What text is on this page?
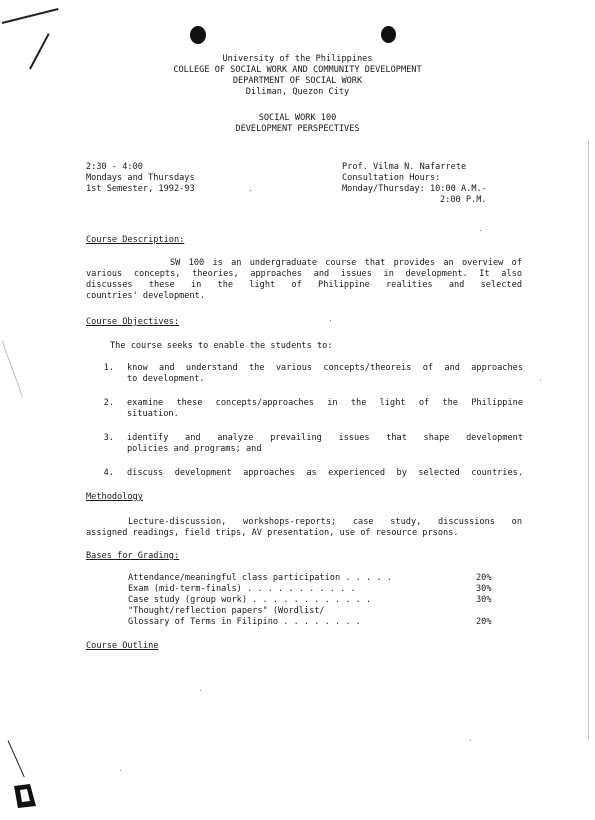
University of the Philippines
COLLEGE OF SOCIAL WORK AND COMMUNITY DEVELOPMENT
DEPARTMENT OF SOCIAL WORK
Diliman, Quezon City
SOCIAL WORK 100
DEVELOPMENT PERSPECTIVES
2:30 - 4:00
Mondays and Thursdays
1st Semester, 1992-93
Prof. Vilma N. Nafarrete
Consultation Hours:
Monday/Thursday: 10:00 A.M.-
2:00 P.M.
Course Description:
SW 100 is an undergraduate course that provides an overview of
various concepts, theories, approaches and issues in development. It also
discusses these in the light of Philippine realities and selected
countries' development.
Course Objectives:
The course seeks to enable the students to:
1. know and understand the various concepts/theoreis of and approaches
to development.
2. examine these concepts/approaches in the light of the Philippine
situation.
3. identify and analyze prevailing issues that shape development
policies and programs; and
4. discuss development approaches as experienced by selected countries.
Methodology
Lecture-discussion, workshops-reports; case study, discussions on
assigned readings, field trips, AV presentation, use of resource prsons.
Bases for Grading:
Attendance/meaningful class participation . . . . .	20%
Exam (mid-term-finals) . . . . . . . . . . .	30%
Case study (group work) . . . . . . . . . . . .	30%
"Thought/reflection papers" (Wordlist/
Glossary of Terms in Filipino . . . . . . . .	20%
Course Outline
